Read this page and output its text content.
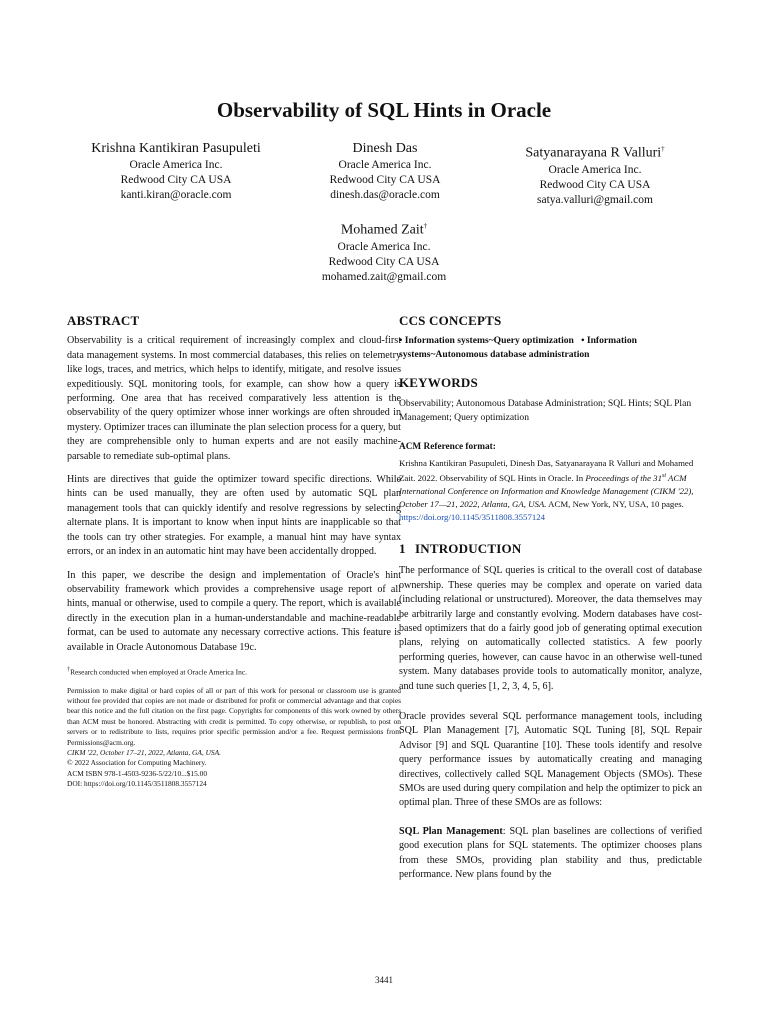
Observability of SQL Hints in Oracle
Krishna Kantikiran Pasupuleti
Oracle America Inc.
Redwood City CA USA
kanti.kiran@oracle.com
Dinesh Das
Oracle America Inc.
Redwood City CA USA
dinesh.das@oracle.com
Satyanarayana R Valluri†
Oracle America Inc.
Redwood City CA USA
satya.valluri@gmail.com
Mohamed Zait†
Oracle America Inc.
Redwood City CA USA
mohamed.zait@gmail.com
ABSTRACT

Observability is a critical requirement of increasingly complex and cloud-first data management systems. In most commercial databases, this relies on telemetry like logs, traces, and metrics, which helps to identify, mitigate, and resolve issues expeditiously. SQL monitoring tools, for example, can show how a query is performing. One area that has received comparatively less attention is the observability of the query optimizer whose inner workings are often shrouded in mystery. Optimizer traces can illuminate the plan selection process for a query, but they are comprehensible only to human experts and are not easily machine-parsable to remediate sub-optimal plans.

Hints are directives that guide the optimizer toward specific directions. While hints can be used manually, they are often used by automatic SQL plan management tools that can quickly identify and resolve regressions by selecting alternate plans. It is important to know when input hints are inapplicable so that the tools can try other strategies. For example, a manual hint may have syntax errors, or an index in an automatic hint may have been accidentally dropped.

In this paper, we describe the design and implementation of Oracle's hint observability framework which provides a comprehensive usage report of all hints, manual or otherwise, used to compile a query. The report, which is available directly in the execution plan in a human-understandable and machine-readable format, can be used to automate any necessary corrective actions. This feature is available in Oracle Autonomous Database 19c.

†Research conducted when employed at Oracle America Inc.

Permission to make digital or hard copies of all or part of this work for personal or classroom use is granted without fee provided that copies are not made or distributed for profit or commercial advantage and that copies bear this notice and the full citation on the first page. Copyrights for components of this work owned by others than ACM must be honored. Abstracting with credit is permitted. To copy otherwise, or republish, to post on servers or to redistribute to lists, requires prior specific permission and/or a fee. Request permissions from Permissions@acm.org.

CIKM '22, October 17–21, 2022, Atlanta, GA, USA.

© 2022 Association for Computing Machinery.

ACM ISBN 978-1-4503-9236-5/22/10...$15.00

DOI: https://doi.org/10.1145/3511808.3557124

CCS CONCEPTS

• Information systems~Query optimization • Information
systems~Autonomous database administration

KEYWORDS

Observability; Autonomous Database Administration; SQL Hints; SQL Plan Management; Query optimization

ACM Reference format:

Krishna Kantikiran Pasupuleti, Dinesh Das, Satyanarayana R Valluri and Mohamed Zait. 2022. Observability of SQL Hints in Oracle. In Proceedings of the 31st ACM International Conference on Information and Knowledge Management (CIKM '22), October 17—21, 2022, Atlanta, GA, USA. ACM, New York, NY, USA, 10 pages. https://doi.org/10.1145/3511808.3557124

1 INTRODUCTION

The performance of SQL queries is critical to the overall cost of database ownership. These queries may be complex and operate on varied data (including relational or unstructured). Moreover, the data themselves may be arbitrarily large and constantly evolving. Modern databases have cost-based optimizers that do a fairly good job of generating optimal execution plans, relying on automatically collected statistics. A few poorly performing queries, however, can cause havoc in an otherwise well-tuned system. Many databases provide tools to automatically monitor, analyze, and tune such queries [1, 2, 3, 4, 5, 6].

Oracle provides several SQL performance management tools, including SQL Plan Management [7], Automatic SQL Tuning [8], SQL Repair Advisor [9] and SQL Quarantine [10]. These tools identify and resolve query performance issues by automatically creating and managing directives, collectively called SQL Management Objects (SMOs). These SMOs are used during query compilation and help the optimizer to pick an optimal plan. Three of these SMOs are as follows:

SQL Plan Management: SQL plan baselines are collections of verified good execution plans for SQL statements. The optimizer chooses plans from these SMOs, providing plan stability and thus, predictable performance. New plans found by the

3441
